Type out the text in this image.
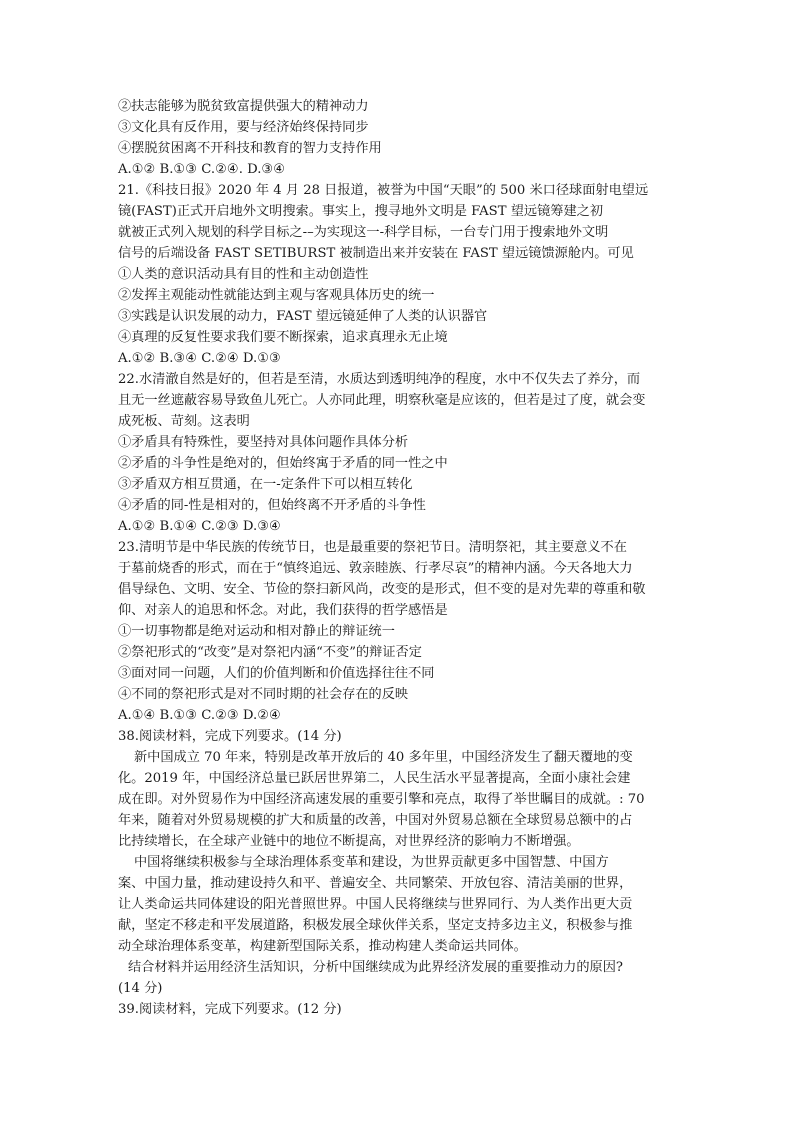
②扶志能够为脱贫致富提供强大的精神动力
③文化具有反作用，要与经济始终保持同步
④摆脱贫困离不开科技和教育的智力支持作用
A.①② B.①③ C.②④. D.③④
21.《科技日报》2020 年 4 月 28 日报道，被誉为中国“天眼”的 500 米口径球面射电望远
镜(FAST)正式开启地外文明搜索。事实上，搜寻地外文明是 FAST 望远镜筹建之初
就被正式列入规划的科学目标之-–为实现这一-科学目标，一台专门用于搜索地外文明
信号的后端设备 FAST SETIBURST 被制造出来并安装在 FAST 望远镜馈源舱内。可见
①人类的意识活动具有目的性和主动创造性
②发挥主观能动性就能达到主观与客观具体历史的统一
③实践是认识发展的动力，FAST 望远镜延伸了人类的认识器官
④真理的反复性要求我们要不断探索，追求真理永无止境
A.①② B.③④ C.②④ D.①③
22.水清澈自然是好的，但若是至清，水质达到透明纯净的程度，水中不仅失去了养分，而
且无一丝遮蔽容易导致鱼儿死亡。人亦同此理，明察秋毫是应该的，但若是过了度，就会变
成死板、苛刻。这表明
①矛盾具有特殊性，要坚持对具体问题作具体分析
②矛盾的斗争性是绝对的，但始终寓于矛盾的同一性之中
③矛盾双方相互贯通，在一-定条件下可以相互转化
④矛盾的同-性是相对的，但始终离不开矛盾的斗争性
A.①② B.①④ C.②③ D.③④
23.清明节是中华民族的传统节日，也是最重要的祭祀节日。清明祭祀，其主要意义不在
于墓前烧香的形式，而在于“慎终追远、敦亲睦族、行孝尽哀”的精神内涵。今天各地大力
倡导绿色、文明、安全、节俭的祭扫新风尚，改变的是形式，但不变的是对先辈的尊重和敬
仰、对亲人的追思和怀念。对此，我们获得的哲学感悟是
①一切事物都是绝对运动和相对静止的辩证统一
②祭祀形式的“改变”是对祭祀内涵“不变”的辩证否定
③面对同一问题，人们的价值判断和价值选择往往不同
④不同的祭祀形式是对不同时期的社会存在的反映
A.①④ B.①③ C.②③ D.②④
38.阅读材料，完成下列要求。(14 分)
新中国成立 70 年来，特别是改革开放后的 40 多年里，中国经济发生了翻天覆地的变
化。2019 年，中国经济总量已跃居世界第二，人民生活水平显著提高，全面小康社会建
成在即。对外贸易作为中国经济高速发展的重要引擎和亮点，取得了举世瞩目的成就。: 70
年来，随着对外贸易规模的扩大和质量的改善，中国对外贸易总额在全球贸易总额中的占
比持续增长，在全球产业链中的地位不断提高，对世界经济的影响力不断增强。
中国将继续积极参与全球治理体系变革和建设，为世界贡献更多中国智慧、中国方
案、中国力量，推动建设持久和平、普遍安全、共同繁荣、开放包容、清洁美丽的世界，
让人类命运共同体建设的阳光普照世界。中国人民将继续与世界同行、为人类作出更大贡
献，坚定不移走和平发展道路，积极发展全球伙伴关系，坚定支持多边主义，积极参与推
动全球治理体系变革，构建新型国际关系，推动构建人类命运共同体。
结合材料并运用经济生活知识，分析中国继续成为此界经济发展的重要推动力的原因?
(14 分)
39.阅读材料，完成下列要求。(12 分)
